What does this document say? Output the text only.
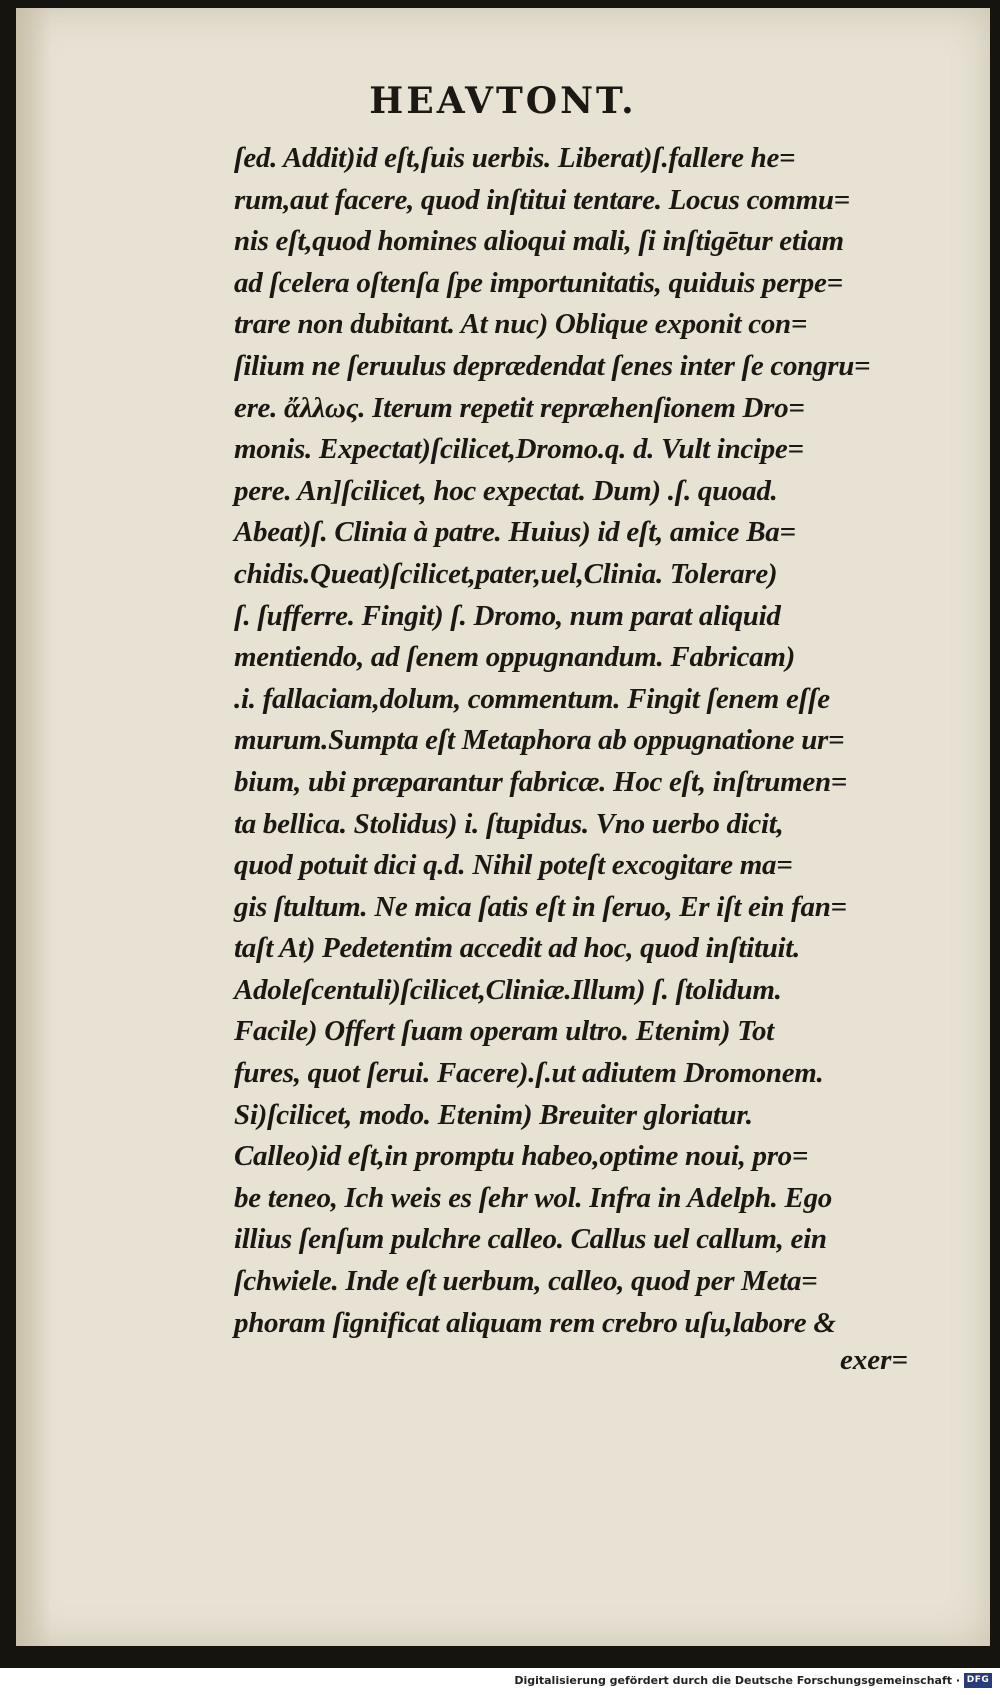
HEAVTONT.
ſed. Addit)id eſt,ſuis uerbis. Liberat)ſ.fallere he=
rum,aut facere, quod inſtitui tentare. Locus commu=
nis eſt,quod homines alioqui mali, ſi inſtigētur etiam
ad ſcelera oſtenſa ſpe importunitatis, quiduis perpe=
trare non dubitant. At nuc) Oblique exponit con=
ſilium ne ſeruulus deprædendat ſenes inter ſe congru=
ere. ἄλλως. Iterum repetit repræhenſionem Dro=
monis. Expectat)ſcilicet,Dromo.q. d. Vult incipe=
pere. An]ſcilicet, hoc expectat. Dum) .ſ. quoad.
Abeat)ſ. Clinia à patre. Huius) id eſt, amice Ba=
chidis.Queat)ſcilicet,pater,uel,Clinia. Tolerare)
ſ. ſufferre. Fingit) ſ. Dromo, num parat aliquid
mentiendo, ad ſenem oppugnandum. Fabricam)
.i. fallaciam,dolum, commentum. Fingit ſenem eſſe
murum.Sumpta eſt Metaphora ab oppugnatione ur=
bium, ubi præparantur fabricæ. Hoc eſt, inſtrumen=
ta bellica. Stolidus) i. ſtupidus. Vno uerbo dicit,
quod potuit dici q.d. Nihil poteſt excogitare ma=
gis ſtultum. Ne mica ſatis eſt in ſeruo, Er iſt ein fan=
taſt At) Pedetentim accedit ad hoc, quod inſtituit.
Adoleſcentuli)ſcilicet,Cliniæ.Illum) ſ. ſtolidum.
Facile) Offert ſuam operam ultro. Etenim) Tot
fures, quot ſerui. Facere).ſ.ut adiutem Dromonem.
Si)ſcilicet, modo. Etenim) Breuiter gloriatur.
Calleo)id eſt,in promptu habeo,optime noui, pro=
be teneo, Ich weis es ſehr wol. Infra in Adelph. Ego
illius ſenſum pulchre calleo. Callus uel callum, ein
ſchwiele. Inde eſt uerbum, calleo, quod per Meta=
phoram ſignificat aliquam rem crebro uſu,labore &
exer=
Digitalisierung gefördert durch die Deutsche Forschungsgemeinschaft · DFG
